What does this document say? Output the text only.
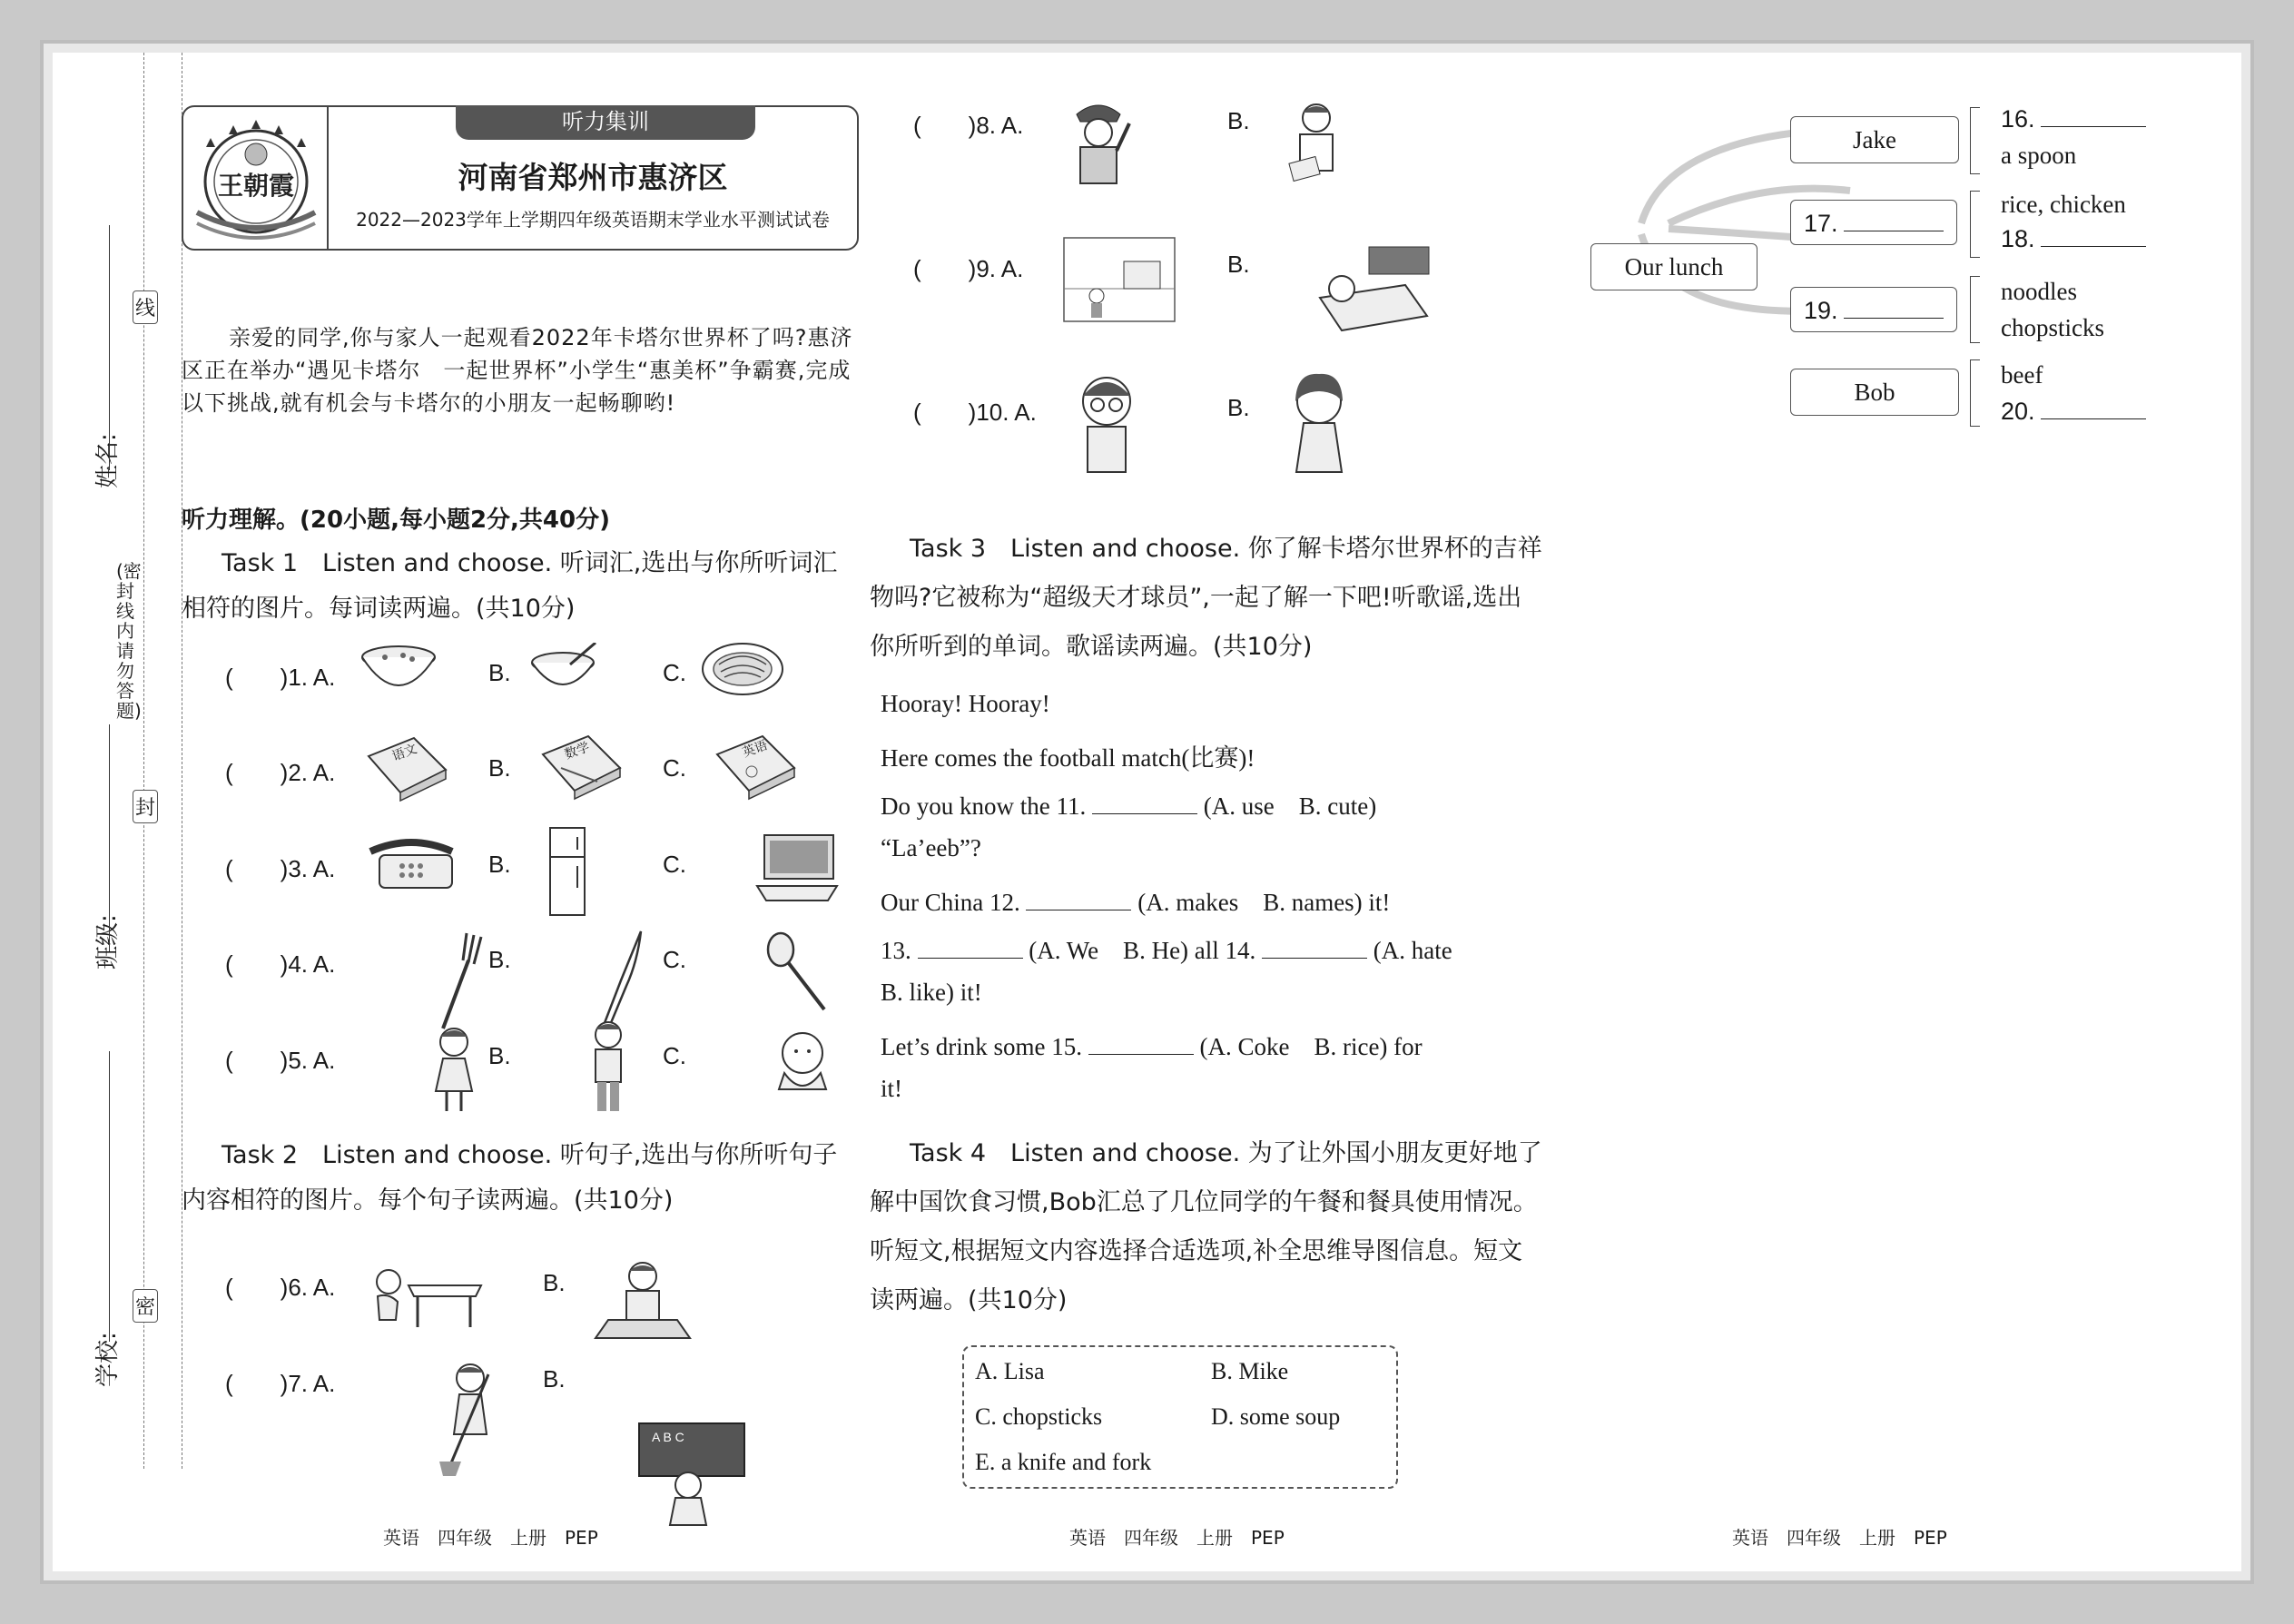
线
封
密
(密封线内请勿答题)
姓名:
班级:
学校:
听力集训
王朝霞	河南省郑州市惠济区
2022—2023学年上学期四年级英语期末学业水平测试试卷
亲爱的同学,你与家人一起观看2022年卡塔尔世界杯了吗?惠济区正在举办“遇见卡塔尔　一起世界杯”小学生“惠美杯”争霸赛,完成以下挑战,就有机会与卡塔尔的小朋友一起畅聊哟!
听力理解。(20小题,每小题2分,共40分)
Task 1　Listen and choose. 听词汇,选出与你所听词汇相符的图片。每词读两遍。(共10分)
(　　)1. A.	B.	C.
(　　)2. A.	B.	C.
语文	数学	英语
(　　)3. A.	B.	C.
(　　)4. A.	B.	C.
(　　)5. A.	B.	C.
Task 2　Listen and choose. 听句子,选出与你所听句子内容相符的图片。每个句子读两遍。(共10分)
(　　)6. A.	B.
(　　)7. A.	B.
A B C
(　　)8. A.	B.
(　　)9. A.	B.
(　　)10. A.	B.
Task 3　Listen and choose. 你了解卡塔尔世界杯的吉祥物吗?它被称为“超级天才球员”,一起了解一下吧!听歌谣,选出你所听到的单词。歌谣读两遍。(共10分)
Hooray! Hooray!
Here comes the football match(比赛)!
Do you know the 11.	(A. use　B. cute)
“La’eeb”?
Our China 12.	(A. makes　B. names) it!
13.	(A. We　B. He) all 14.	(A. hate
B. like) it!
Let’s drink some 15.	(A. Coke　B. rice) for
it!
Task 4　Listen and choose. 为了让外国小朋友更好地了解中国饮食习惯,Bob汇总了几位同学的午餐和餐具使用情况。听短文,根据短文内容选择合适选项,补全思维导图信息。短文读两遍。(共10分)
A. Lisa	B. Mike
C. chopsticks	D. some soup
E. a knife and fork
Our lunch
Jake
17.
19.
Bob
16.
a spoon
rice, chicken
18.
noodles
chopsticks
beef
20.
英语　四年级　上册　PEP	英语　四年级　上册　PEP	英语　四年级　上册　PEP
